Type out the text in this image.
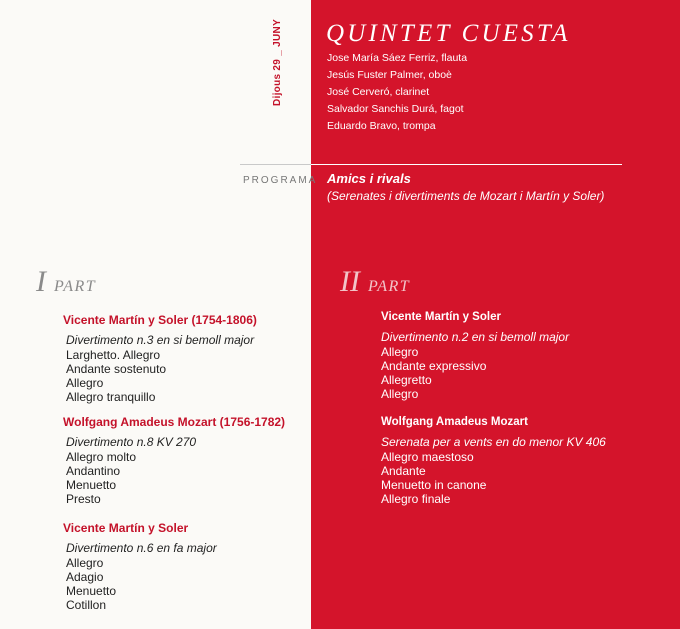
Dijous 29 _ JUNY QUINTET CUESTA
Jose María Sáez Ferriz, flauta
Jesús Fuster Palmer, oboè
José Cerveró, clarinet
Salvador Sanchis Durá, fagot
Eduardo Bravo, trompa
PROGRAMA Amics i rivals
(Serenates i divertiments de Mozart i Martín y Soler)
IPART	II PART
Vicente Martín y Soler (1754-1806)
Divertimento n.3 en si bemoll major
Larghetto. Allegro
Andante sostenuto
Allegro
Allegro tranquillo
Wolfgang Amadeus Mozart (1756-1782)
Divertimento n.8 KV 270
Allegro molto
Andantino
Menuetto
Presto
Vicente Martín y Soler
Divertimento n.6 en fa major
Allegro
Adagio
Menuetto
Cotillon
Vicente Martín y Soler
Divertimento n.2 en si bemoll major
Allegro
Andante expressivo
Allegretto
Allegro
Wolfgang Amadeus Mozart
Serenata per a vents en do menor KV 406
Allegro maestoso
Andante
Menuetto in canone
Allegro finale
